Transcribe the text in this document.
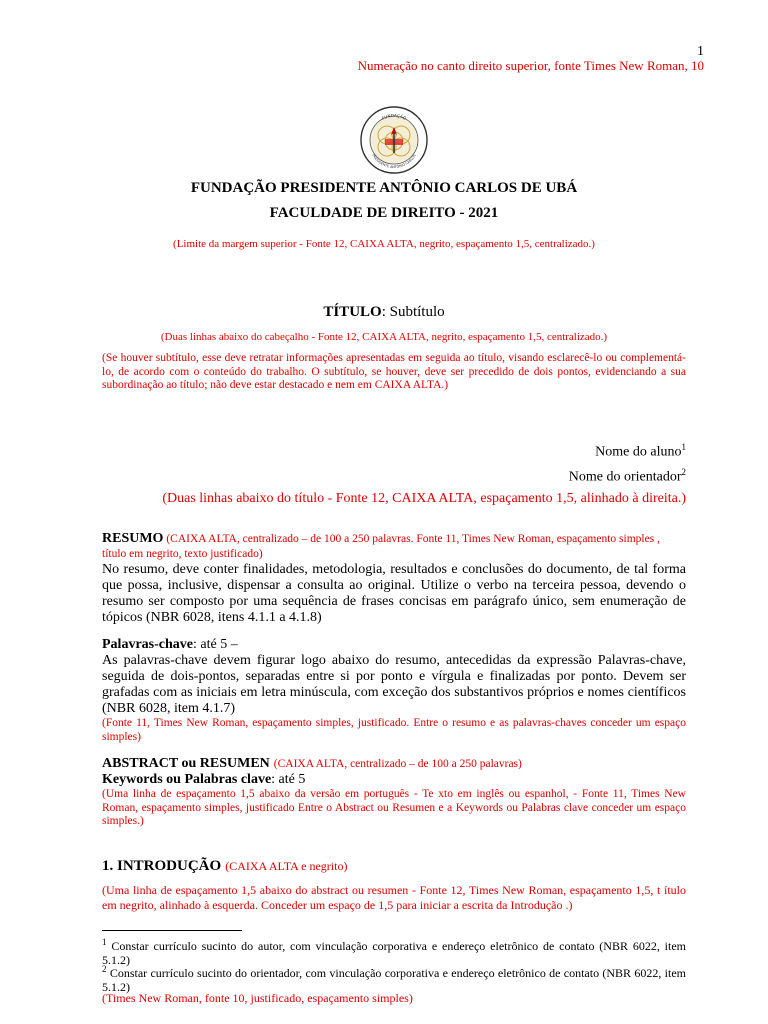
1
Numeração no canto direito superior, fonte Times New Roman, 10
FUNDAÇÃO
PRESIDENTE ANTÔNIO CARLOS
FUNDAÇÃO PRESIDENTE ANTÔNIO CARLOS DE UBÁ
FACULDADE DE DIREITO - 2021
(Limite da margem superior - Fonte 12, CAIXA ALTA, negrito, espaçamento 1,5, centralizado.)
TÍTULO: Subtítulo
(Duas linhas abaixo do cabeçalho - Fonte 12, CAIXA ALTA, negrito, espaçamento 1,5, centralizado.)
(Se houver subtítulo, esse deve retratar informações apresentadas em seguida ao título, visando esclarecê-lo ou complementá-lo, de acordo com o conteúdo do trabalho. O subtítulo, se houver, deve ser precedido de dois pontos, evidenciando a sua subordinação ao título; não deve estar destacado e nem em CAIXA ALTA.)
Nome do aluno$^1$
Nome do orientador$^2$
(Duas linhas abaixo do título - Fonte 12, CAIXA ALTA, espaçamento 1,5, alinhado à direita.)
RESUMO (CAIXA ALTA, centralizado – de 100 a 250 palavras. Fonte 11, Times New Roman, espaçamento simples , título em negrito, texto justificado)
No resumo, deve conter finalidades, metodologia, resultados e conclusões do documento, de tal forma que possa, inclusive, dispensar a consulta ao original. Utilize o verbo na terceira pessoa, devendo o resumo ser composto por uma sequência de frases concisas em parágrafo único, sem enumeração de tópicos (NBR 6028, itens 4.1.1 a 4.1.8)
Palavras-chave: até 5 –
As palavras-chave devem figurar logo abaixo do resumo, antecedidas da expressão Palavras-chave, seguida de dois-pontos, separadas entre si por ponto e vírgula e finalizadas por ponto. Devem ser grafadas com as iniciais em letra minúscula, com exceção dos substantivos próprios e nomes científicos (NBR 6028, item 4.1.7)
(Fonte 11, Times New Roman, espaçamento simples, justificado. Entre o resumo e as palavras-chaves conceder um espaço simples)
ABSTRACT ou RESUMEN (CAIXA ALTA, centralizado – de 100 a 250 palavras)
Keywords ou Palabras clave: até 5
(Uma linha de espaçamento 1,5 abaixo da versão em português - Te xto em inglês ou espanhol, - Fonte 11, Times New Roman, espaçamento simples, justificado Entre o Abstract ou Resumen e a Keywords ou Palabras clave conceder um espaço simples.)
1. INTRODUÇÃO (CAIXA ALTA e negrito)
(Uma linha de espaçamento 1,5 abaixo do abstract ou resumen - Fonte 12, Times New Roman, espaçamento 1,5, t ítulo em negrito, alinhado à esquerda. Conceder um espaço de 1,5 para iniciar a escrita da Introdução .)
$^1$ Constar currículo sucinto do autor, com vinculação corporativa e endereço eletrônico de contato (NBR 6022, item 5.1.2)
$^2$ Constar currículo sucinto do orientador, com vinculação corporativa e endereço eletrônico de contato (NBR 6022, item 5.1.2)
(Times New Roman, fonte 10, justificado, espaçamento simples)
